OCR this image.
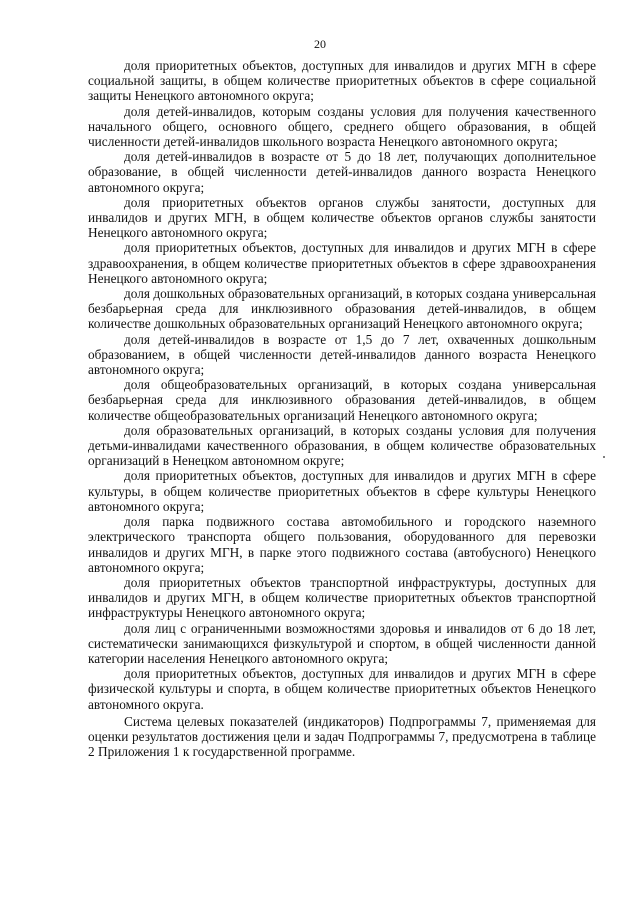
20

доля приоритетных объектов, доступных для инвалидов и других МГН в сфере социальной защиты, в общем количестве приоритетных объектов в сфере социальной защиты Ненецкого автономного округа;

доля детей-инвалидов, которым созданы условия для получения качественного начального общего, основного общего, среднего общего образования, в общей численности детей-инвалидов школьного возраста Ненецкого автономного округа;

доля детей-инвалидов в возрасте от 5 до 18 лет, получающих дополнительное образование, в общей численности детей-инвалидов данного возраста Ненецкого автономного округа;

доля приоритетных объектов органов службы занятости, доступных для инвалидов и других МГН, в общем количестве объектов органов службы занятости Ненецкого автономного округа;

доля приоритетных объектов, доступных для инвалидов и других МГН в сфере здравоохранения, в общем количестве приоритетных объектов в сфере здравоохранения Ненецкого автономного округа;

доля дошкольных образовательных организаций, в которых создана универсальная безбарьерная среда для инклюзивного образования детей-инвалидов, в общем количестве дошкольных образовательных организаций Ненецкого автономного округа;

доля детей-инвалидов в возрасте от 1,5 до 7 лет, охваченных дошкольным образованием, в общей численности детей-инвалидов данного возраста Ненецкого автономного округа;

доля общеобразовательных организаций, в которых создана универсальная безбарьерная среда для инклюзивного образования детей-инвалидов, в общем количестве общеобразовательных организаций Ненецкого автономного округа;

доля образовательных организаций, в которых созданы условия для получения детьми-инвалидами качественного образования, в общем количестве образовательных организаций в Ненецком автономном округе;

доля приоритетных объектов, доступных для инвалидов и других МГН в сфере культуры, в общем количестве приоритетных объектов в сфере культуры Ненецкого автономного округа;

доля парка подвижного состава автомобильного и городского наземного электрического транспорта общего пользования, оборудованного для перевозки инвалидов и других МГН, в парке этого подвижного состава (автобусного) Ненецкого автономного округа;

доля приоритетных объектов транспортной инфраструктуры, доступных для инвалидов и других МГН, в общем количестве приоритетных объектов транспортной инфраструктуры Ненецкого автономного округа;

доля лиц с ограниченными возможностями здоровья и инвалидов от 6 до 18 лет, систематически занимающихся физкультурой и спортом, в общей численности данной категории населения Ненецкого автономного округа;

доля приоритетных объектов, доступных для инвалидов и других МГН в сфере физической культуры и спорта, в общем количестве приоритетных объектов Ненецкого автономного округа.

Система целевых показателей (индикаторов) Подпрограммы 7, применяемая для оценки результатов достижения цели и задач Подпрограммы 7, предусмотрена в таблице 2 Приложения 1 к государственной программе.
